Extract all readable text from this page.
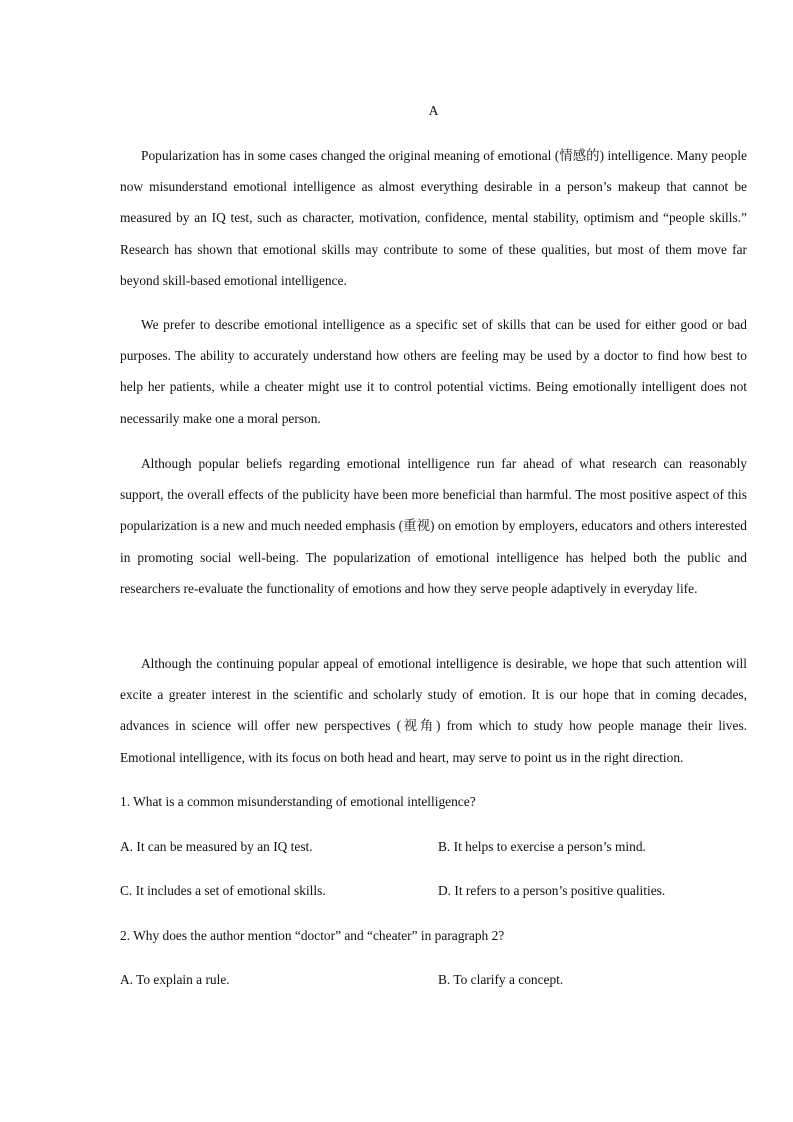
A

Popularization has in some cases changed the original meaning of emotional (情感的) intelligence. Many people now misunderstand emotional intelligence as almost everything desirable in a person’s makeup that cannot be measured by an IQ test, such as character, motivation, confidence, mental stability, optimism and “people skills.” Research has shown that emotional skills may contribute to some of these qualities, but most of them move far beyond skill-based emotional intelligence.

We prefer to describe emotional intelligence as a specific set of skills that can be used for either good or bad purposes. The ability to accurately understand how others are feeling may be used by a doctor to find how best to help her patients, while a cheater might use it to control potential victims. Being emotionally intelligent does not necessarily make one a moral person.

Although popular beliefs regarding emotional intelligence run far ahead of what research can reasonably support, the overall effects of the publicity have been more beneficial than harmful. The most positive aspect of this popularization is a new and much needed emphasis (重视) on emotion by employers, educators and others interested in promoting social well-being. The popularization of emotional intelligence has helped both the public and researchers re-evaluate the functionality of emotions and how they serve people adaptively in everyday life.

Although the continuing popular appeal of emotional intelligence is desirable, we hope that such attention will excite a greater interest in the scientific and scholarly study of emotion. It is our hope that in coming decades, advances in science will offer new perspectives (视角) from which to study how people manage their lives. Emotional intelligence, with its focus on both head and heart, may serve to point us in the right direction.

1. What is a common misunderstanding of emotional intelligence?
A. It can be measured by an IQ test.	B. It helps to exercise a person’s mind.
C. It includes a set of emotional skills.	D. It refers to a person’s positive qualities.
2. Why does the author mention “doctor” and “cheater” in paragraph 2?
A. To explain a rule.	B. To clarify a concept.
